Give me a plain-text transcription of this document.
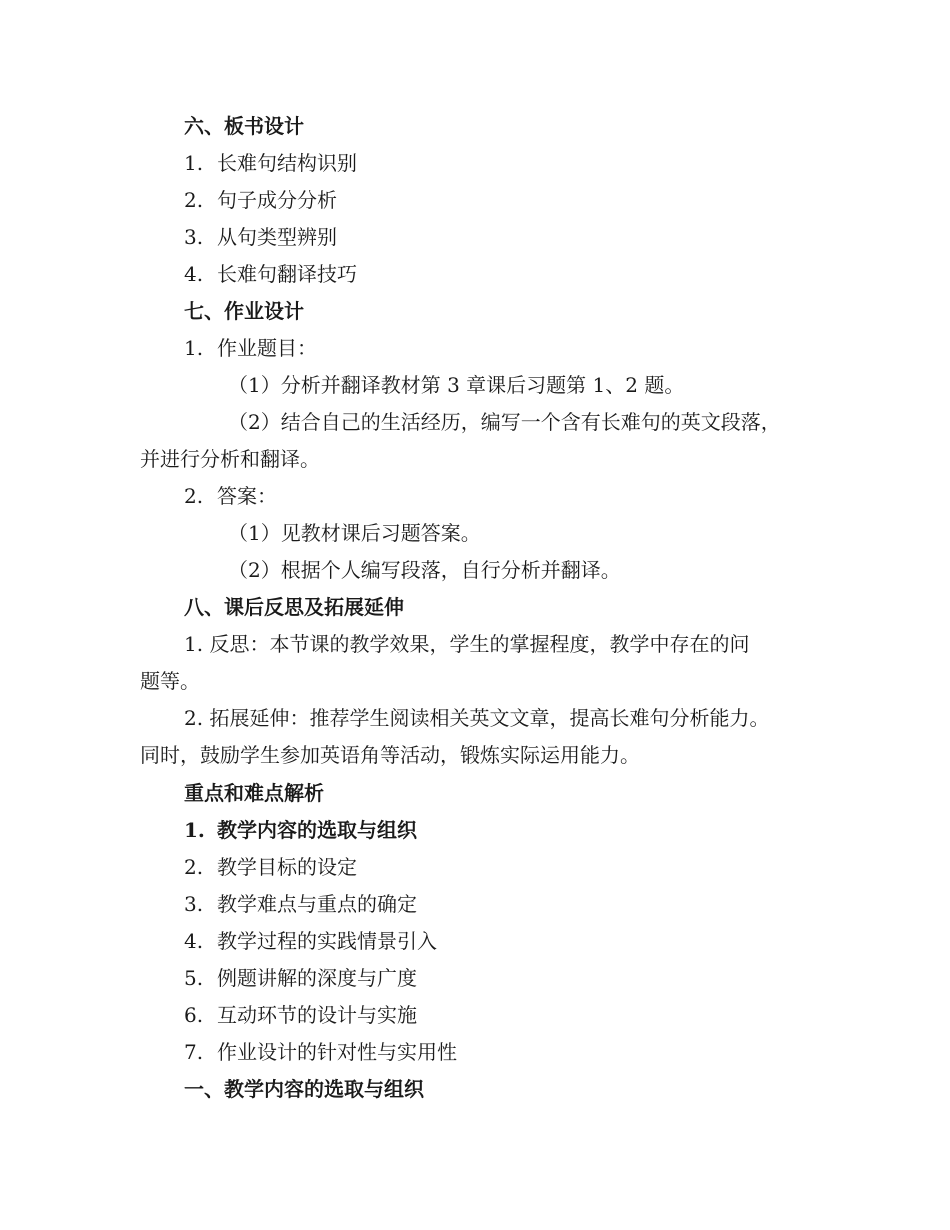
六、板书设计
1. 长难句结构识别
2. 句子成分分析
3. 从句类型辨别
4. 长难句翻译技巧
七、作业设计
1. 作业题目：
（1）分析并翻译教材第 3 章课后习题第 1、2 题。
（2）结合自己的生活经历，编写一个含有长难句的英文段落，
并进行分析和翻译。
2. 答案：
（1）见教材课后习题答案。
（2）根据个人编写段落，自行分析并翻译。
八、课后反思及拓展延伸
1. 反思：本节课的教学效果，学生的掌握程度，教学中存在的问
题等。
2. 拓展延伸：推荐学生阅读相关英文文章，提高长难句分析能力。
同时，鼓励学生参加英语角等活动，锻炼实际运用能力。
重点和难点解析
1. 教学内容的选取与组织
2. 教学目标的设定
3. 教学难点与重点的确定
4. 教学过程的实践情景引入
5. 例题讲解的深度与广度
6. 互动环节的设计与实施
7. 作业设计的针对性与实用性
一、教学内容的选取与组织
